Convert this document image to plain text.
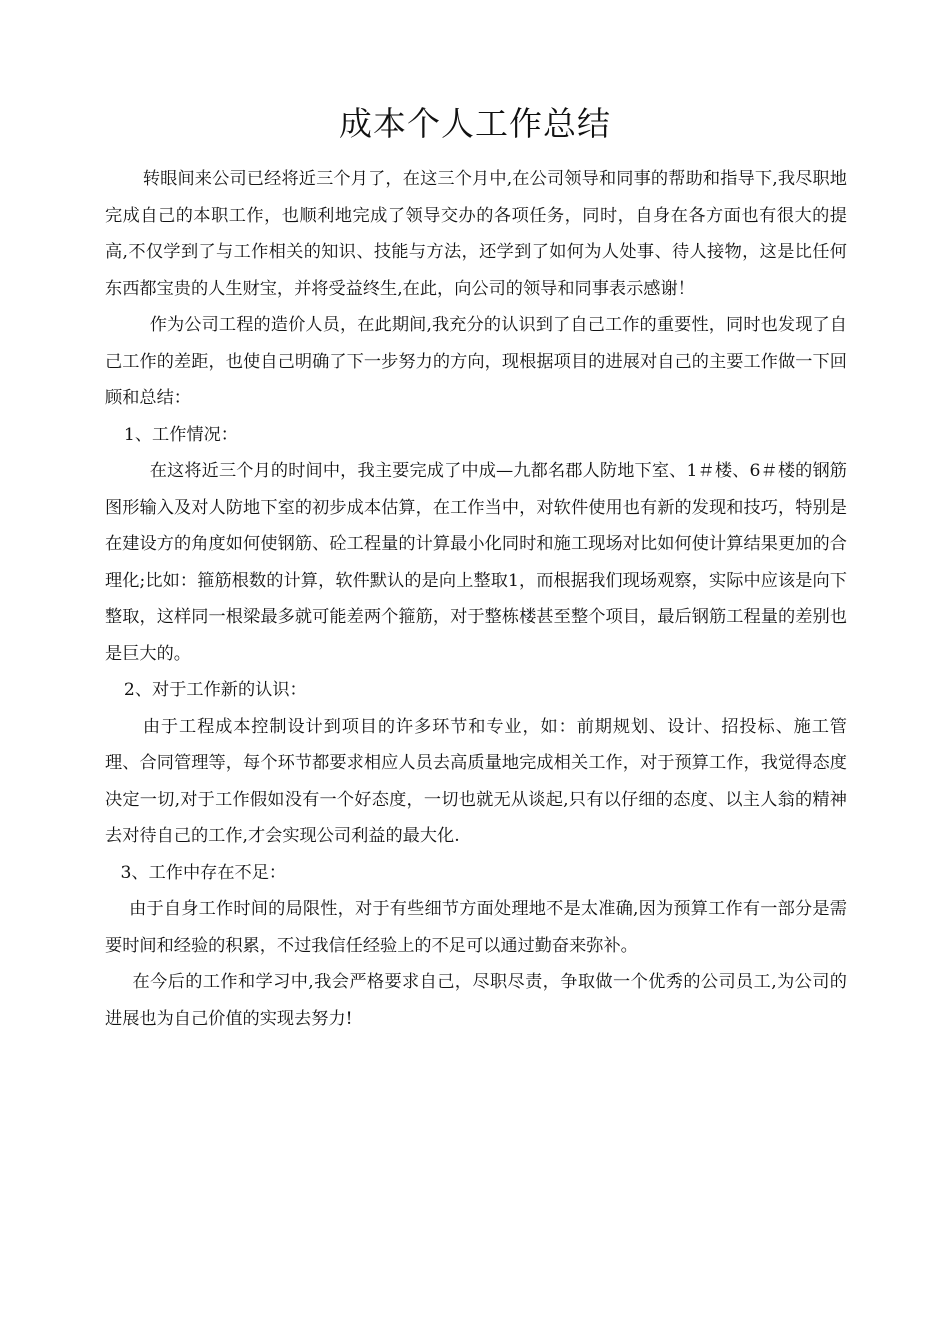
成本个人工作总结

转眼间来公司已经将近三个月了，在这三个月中,在公司领导和同事的帮助和指导下,我尽职地完成自己的本职工作，也顺利地完成了领导交办的各项任务，同时，自身在各方面也有很大的提高,不仅学到了与工作相关的知识、技能与方法，还学到了如何为人处事、待人接物，这是比任何东西都宝贵的人生财宝，并将受益终生,在此，向公司的领导和同事表示感谢！

作为公司工程的造价人员，在此期间,我充分的认识到了自己工作的重要性，同时也发现了自己工作的差距，也使自己明确了下一步努力的方向，现根据项目的进展对自己的主要工作做一下回顾和总结：

1、工作情况：

在这将近三个月的时间中，我主要完成了中成—九都名郡人防地下室、1＃楼、6＃楼的钢筋图形输入及对人防地下室的初步成本估算，在工作当中，对软件使用也有新的发现和技巧，特别是在建设方的角度如何使钢筋、砼工程量的计算最小化同时和施工现场对比如何使计算结果更加的合理化;比如：箍筋根数的计算，软件默认的是向上整取1，而根据我们现场观察，实际中应该是向下整取，这样同一根梁最多就可能差两个箍筋，对于整栋楼甚至整个项目，最后钢筋工程量的差别也是巨大的。

2、对于工作新的认识：

由于工程成本控制设计到项目的许多环节和专业，如：前期规划、设计、招投标、施工管理、合同管理等，每个环节都要求相应人员去高质量地完成相关工作，对于预算工作，我觉得态度决定一切,对于工作假如没有一个好态度，一切也就无从谈起,只有以仔细的态度、以主人翁的精神去对待自己的工作,才会实现公司利益的最大化.

3、工作中存在不足：

由于自身工作时间的局限性，对于有些细节方面处理地不是太准确,因为预算工作有一部分是需要时间和经验的积累，不过我信任经验上的不足可以通过勤奋来弥补。

在今后的工作和学习中,我会严格要求自己，尽职尽责，争取做一个优秀的公司员工,为公司的进展也为自己价值的实现去努力!
